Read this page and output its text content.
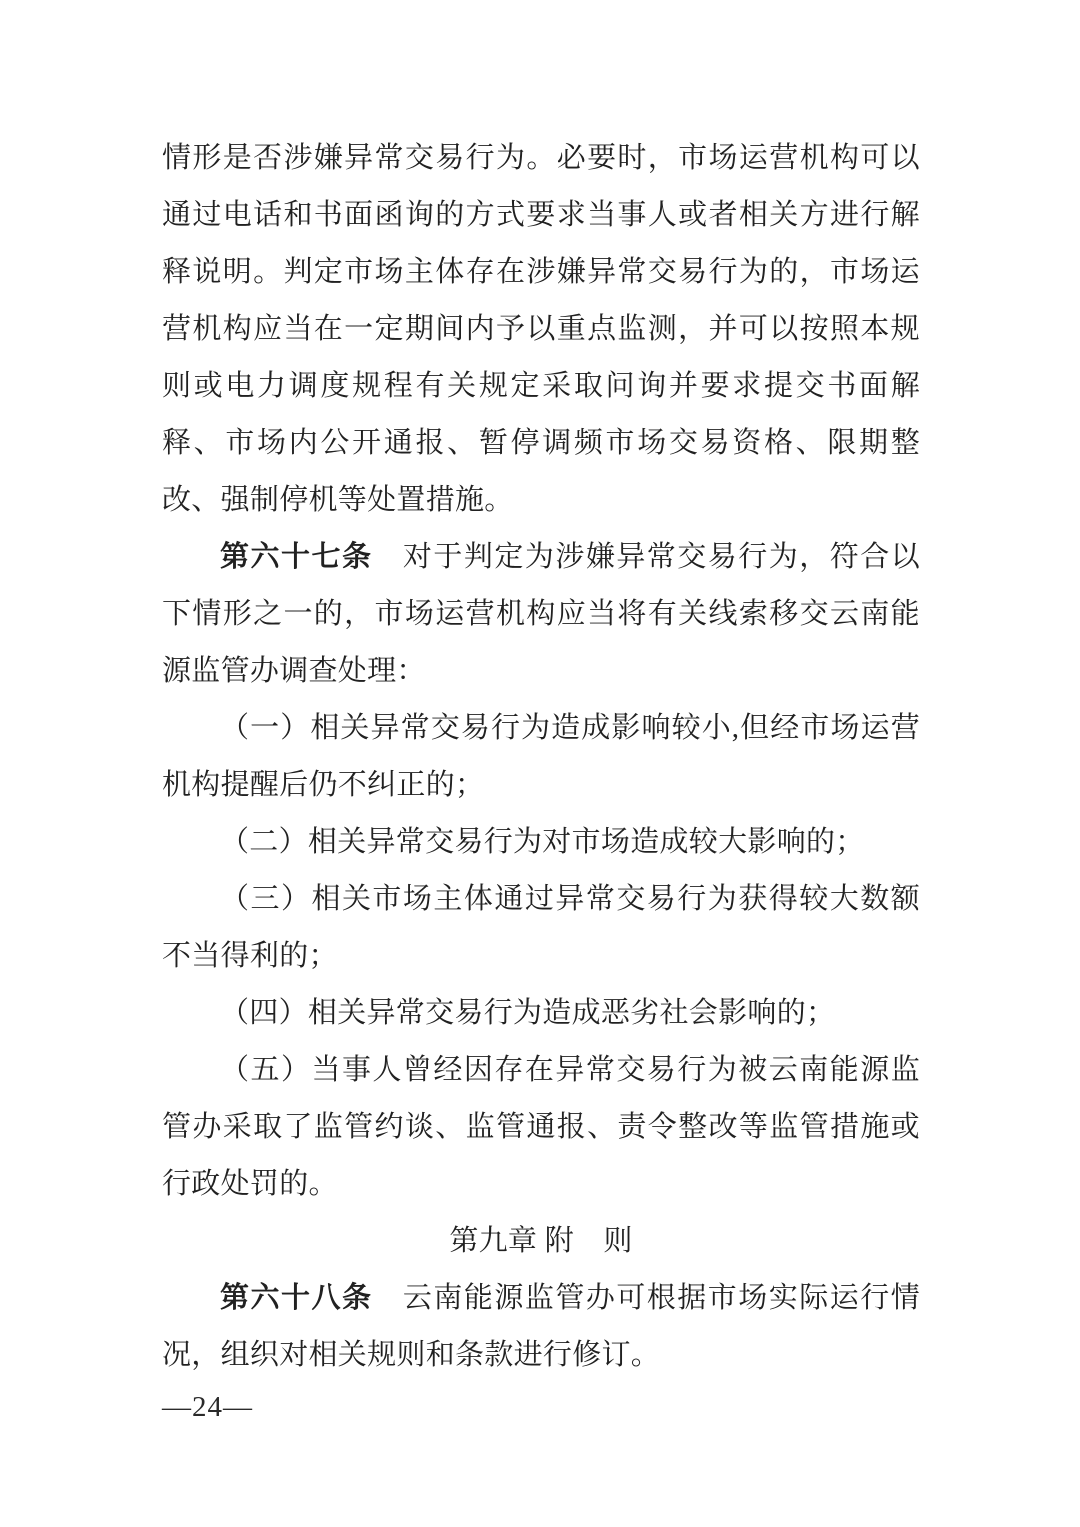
情形是否涉嫌异常交易行为。必要时，市场运营机构可以通过电话和书面函询的方式要求当事人或者相关方进行解释说明。判定市场主体存在涉嫌异常交易行为的，市场运营机构应当在一定期间内予以重点监测，并可以按照本规则或电力调度规程有关规定采取问询并要求提交书面解释、市场内公开通报、暂停调频市场交易资格、限期整改、强制停机等处置措施。

第六十七条　对于判定为涉嫌异常交易行为，符合以下情形之一的，市场运营机构应当将有关线索移交云南能源监管办调查处理：

（一）相关异常交易行为造成影响较小,但经市场运营机构提醒后仍不纠正的；

（二）相关异常交易行为对市场造成较大影响的；

（三）相关市场主体通过异常交易行为获得较大数额不当得利的；

（四）相关异常交易行为造成恶劣社会影响的；

（五）当事人曾经因存在异常交易行为被云南能源监管办采取了监管约谈、监管通报、责令整改等监管措施或行政处罚的。

第九章 附　则

第六十八条　云南能源监管办可根据市场实际运行情况，组织对相关规则和条款进行修订。

—24—
